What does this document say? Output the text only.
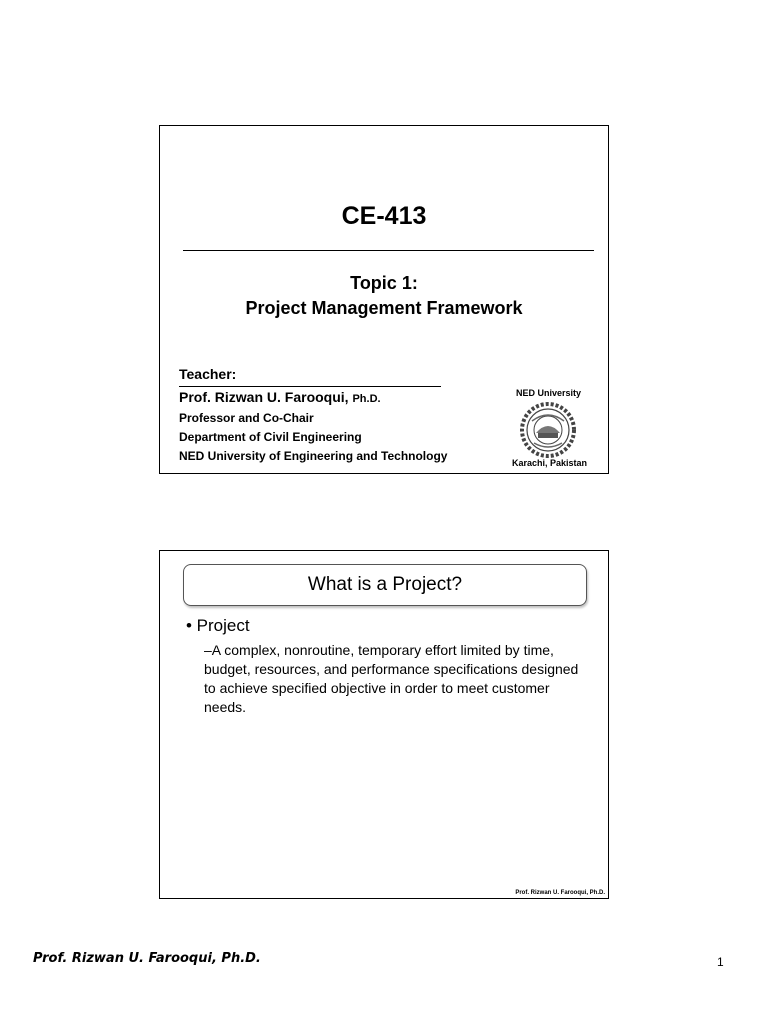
CE-413
Topic 1:
Project Management Framework
Teacher:
Prof. Rizwan U. Farooqui, Ph.D.
Professor and Co-Chair
Department of Civil Engineering
NED University of Engineering and Technology
NED University
Karachi, Pakistan
What is a Project?
• Project
–A complex, nonroutine, temporary effort limited by time, budget, resources, and performance specifications designed to achieve specified objective in order to meet customer needs.
Prof. Rizwan U. Farooqui, Ph.D.
Prof. Rizwan U. Farooqui, Ph.D.	1
